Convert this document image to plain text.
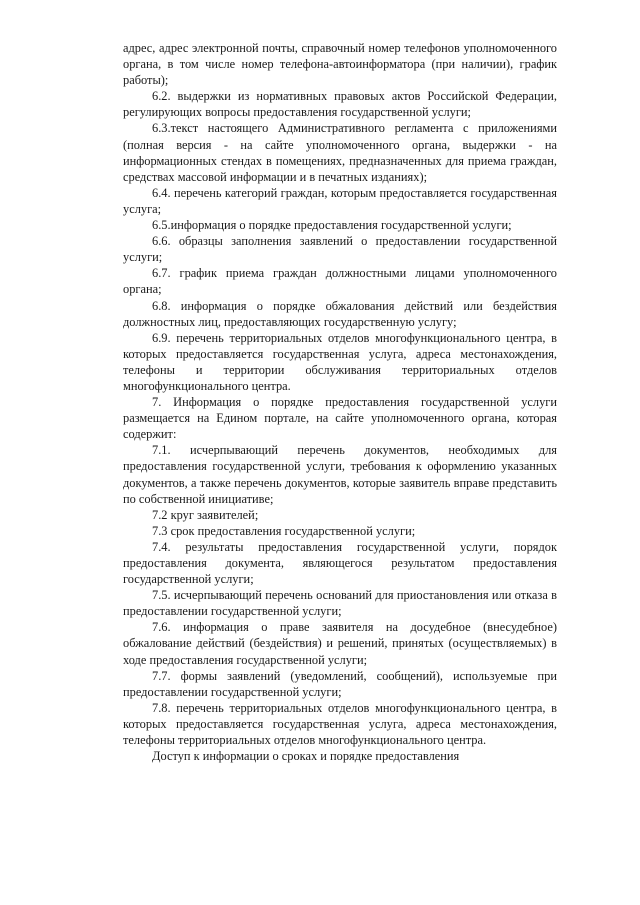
адрес, адрес электронной почты, справочный номер телефонов уполномоченного органа, в том числе номер телефона-автоинформатора (при наличии), график работы);

6.2. выдержки из нормативных правовых актов Российской Федерации, регулирующих вопросы предоставления государственной услуги;

6.3.текст настоящего Административного регламента с приложениями (полная версия - на сайте уполномоченного органа, выдержки - на информационных стендах в помещениях, предназначенных для приема граждан, средствах массовой информации и в печатных изданиях);

6.4. перечень категорий граждан, которым предоставляется государственная услуга;

6.5.информация о порядке предоставления государственной услуги;

6.6. образцы заполнения заявлений о предоставлении государственной услуги;

6.7. график приема граждан должностными лицами уполномоченного органа;

6.8. информация о порядке обжалования действий или бездействия должностных лиц, предоставляющих государственную услугу;

6.9. перечень территориальных отделов многофункционального центра, в которых предоставляется государственная услуга, адреса местонахождения, телефоны и территории обслуживания территориальных отделов многофункционального центра.

7. Информация о порядке предоставления государственной услуги размещается на Едином портале, на сайте уполномоченного органа, которая содержит:

7.1. исчерпывающий перечень документов, необходимых для предоставления государственной услуги, требования к оформлению указанных документов, а также перечень документов, которые заявитель вправе представить по собственной инициативе;

7.2 круг заявителей;

7.3 срок предоставления государственной услуги;

7.4. результаты предоставления государственной услуги, порядок предоставления документа, являющегося результатом предоставления государственной услуги;

7.5. исчерпывающий перечень оснований для приостановления или отказа в предоставлении государственной услуги;

7.6. информация о праве заявителя на досудебное (внесудебное) обжалование действий (бездействия) и решений, принятых (осуществляемых) в ходе предоставления государственной услуги;

7.7. формы заявлений (уведомлений, сообщений), используемые при предоставлении государственной услуги;

7.8. перечень территориальных отделов многофункционального центра, в которых предоставляется государственная услуга, адреса местонахождения, телефоны территориальных отделов многофункционального центра.

Доступ к информации о сроках и порядке предоставления
